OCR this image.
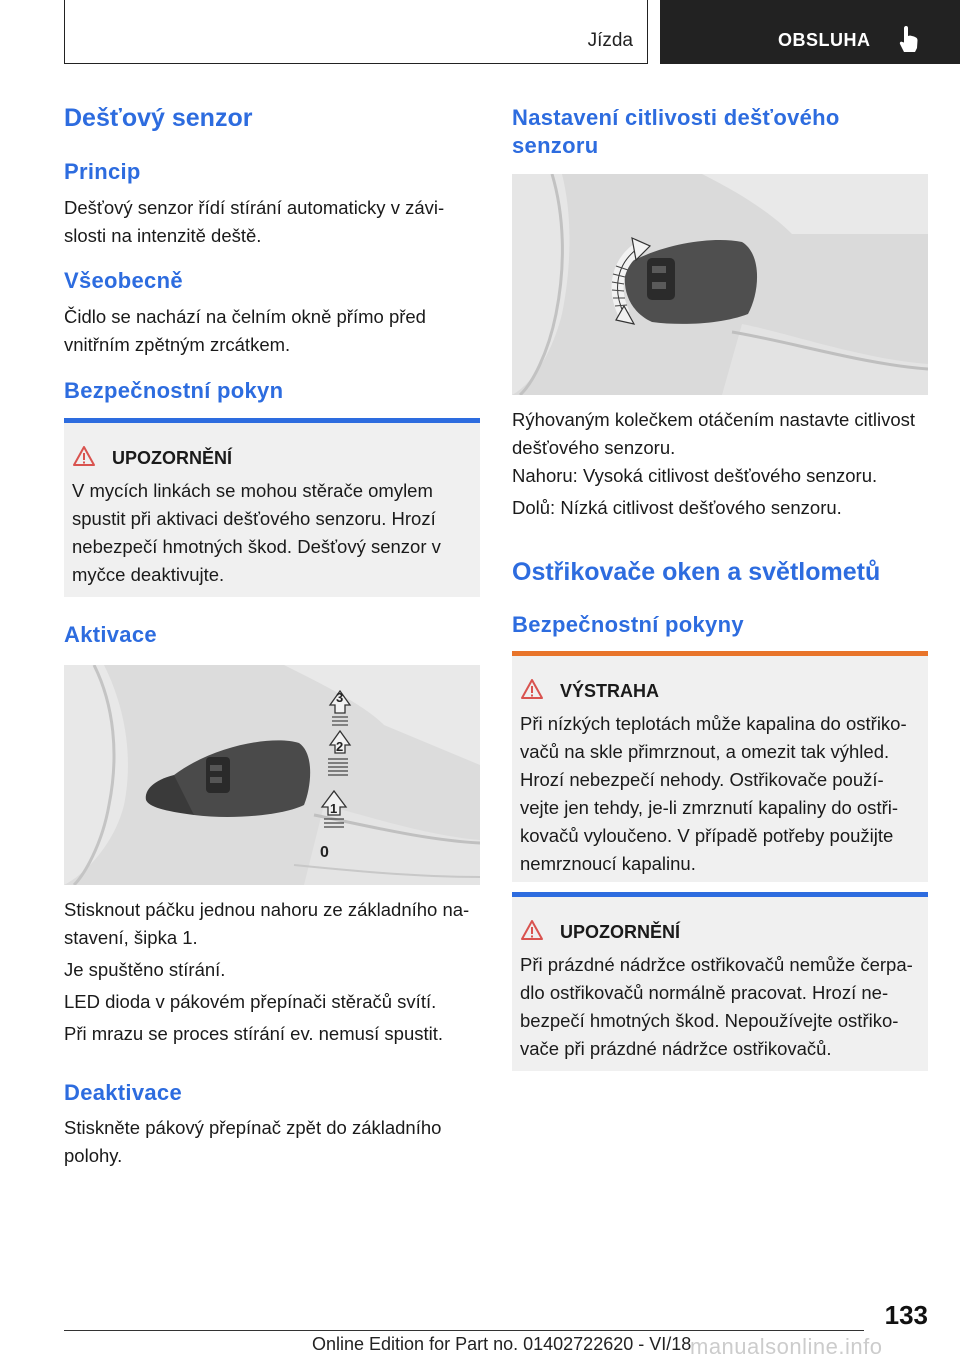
Jízda	OBSLUHA
Dešťový senzor
Princip
Dešťový senzor řídí stírání automaticky v závi-
slosti na intenzitě deště.
Všeobecně
Čidlo se nachází na čelním okně přímo před
vnitřním zpětným zrcátkem.
Bezpečnostní pokyn
UPOZORNĚNÍ
V mycích linkách se mohou stěrače omylem
spustit při aktivaci dešťového senzoru. Hrozí
nebezpečí hmotných škod. Dešťový senzor v
myčce deaktivujte.
Aktivace
3
2
1
0
Stisknout páčku jednou nahoru ze základního na-
stavení, šipka 1.
Je spuštěno stírání.
LED dioda v pákovém přepínači stěračů svítí.
Při mrazu se proces stírání ev. nemusí spustit.
Deaktivace
Stiskněte pákový přepínač zpět do základního
polohy.
Nastavení citlivosti dešťového
senzoru
Rýhovaným kolečkem otáčením nastavte citlivost
dešťového senzoru.
Nahoru: Vysoká citlivost dešťového senzoru.
Dolů: Nízká citlivost dešťového senzoru.
Ostřikovače oken a světlometů
Bezpečnostní pokyny
VÝSTRAHA
Při nízkých teplotách může kapalina do ostřiko-
vačů na skle přimrznout, a omezit tak výhled.
Hrozí nebezpečí nehody. Ostřikovače použí-
vejte jen tehdy, je-li zmrznutí kapaliny do ostři-
kovačů vyloučeno. V případě potřeby použijte
nemrznoucí kapalinu.
UPOZORNĚNÍ
Při prázdné nádržce ostřikovačů nemůže čerpa-
dlo ostřikovačů normálně pracovat. Hrozí ne-
bezpečí hmotných škod. Nepoužívejte ostřiko-
vače při prázdné nádržce ostřikovačů.
133
Online Edition for Part no. 01402722620 - VI/18
manualsonline.info
